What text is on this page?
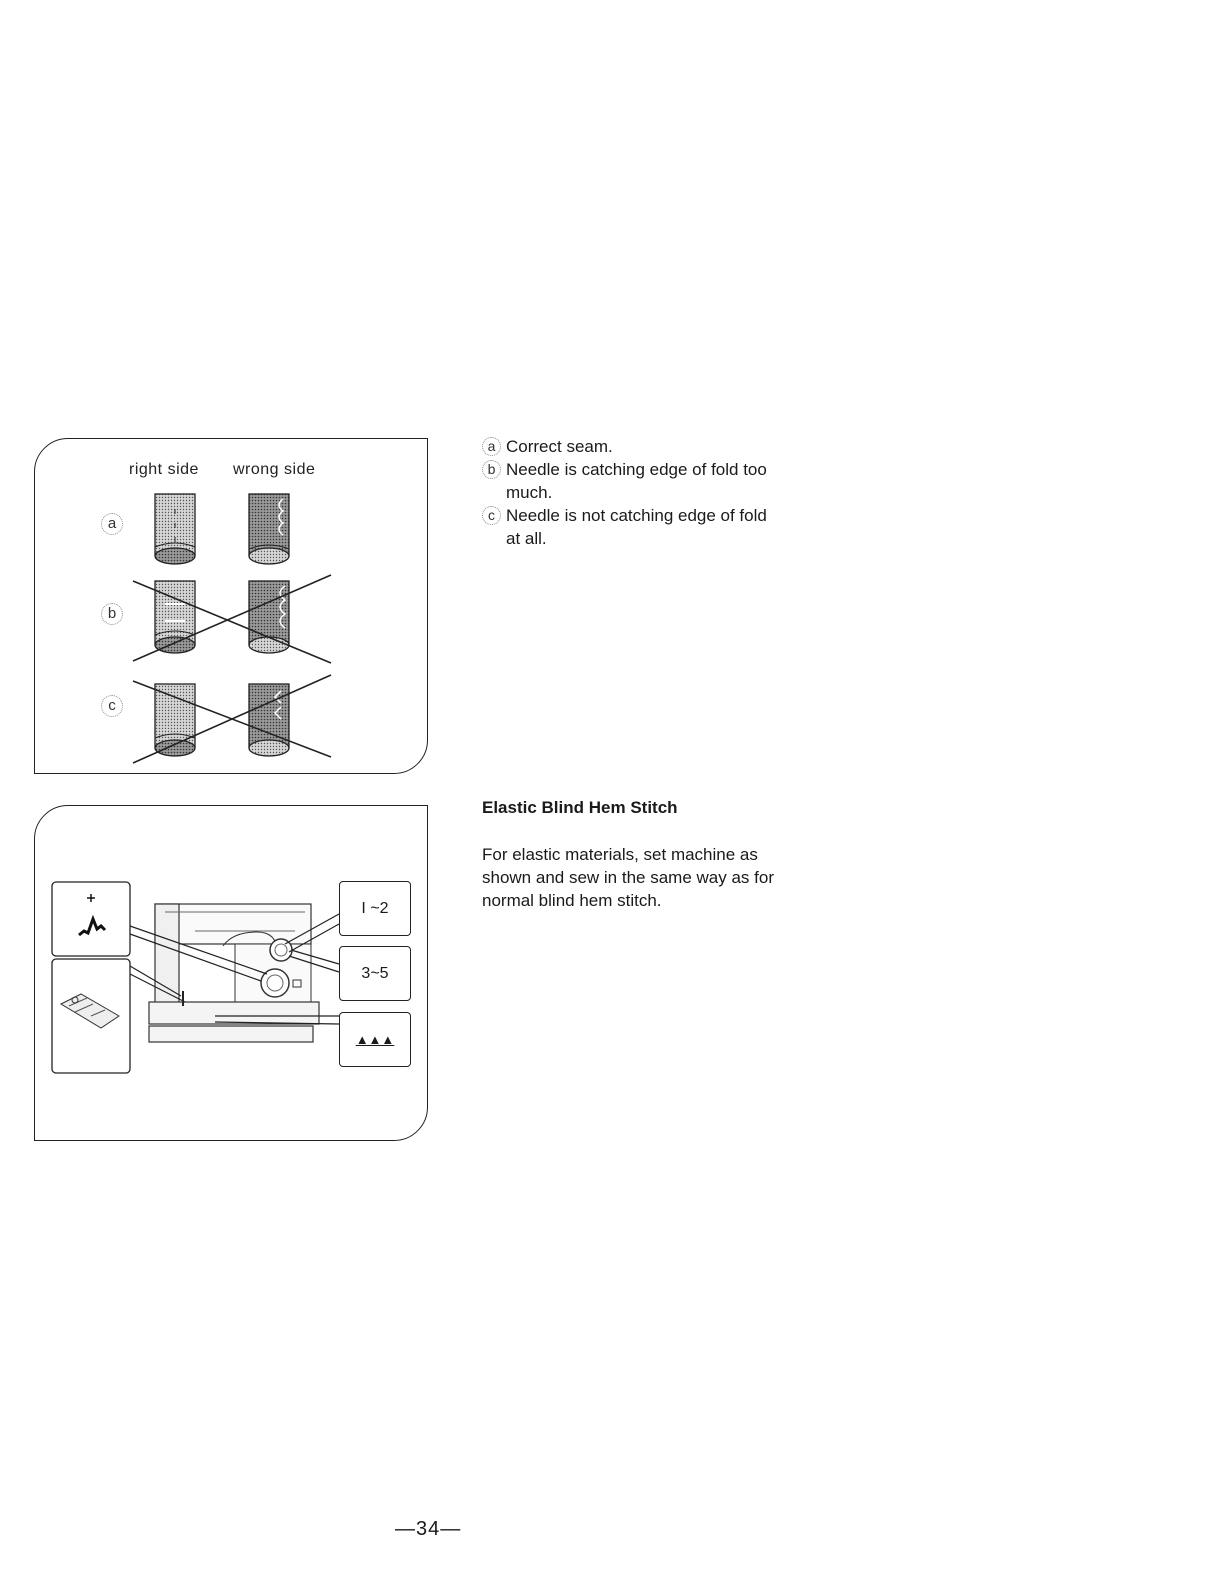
right side wrong side
a
b
c
I ~2
3~5
▲▲▲
a Correct seam.
b Needle is catching edge of fold too much.
c Needle is not catching edge of fold at all.
Elastic Blind Hem Stitch

For elastic materials, set machine as shown and sew in the same way as for normal blind hem stitch.

—34—
